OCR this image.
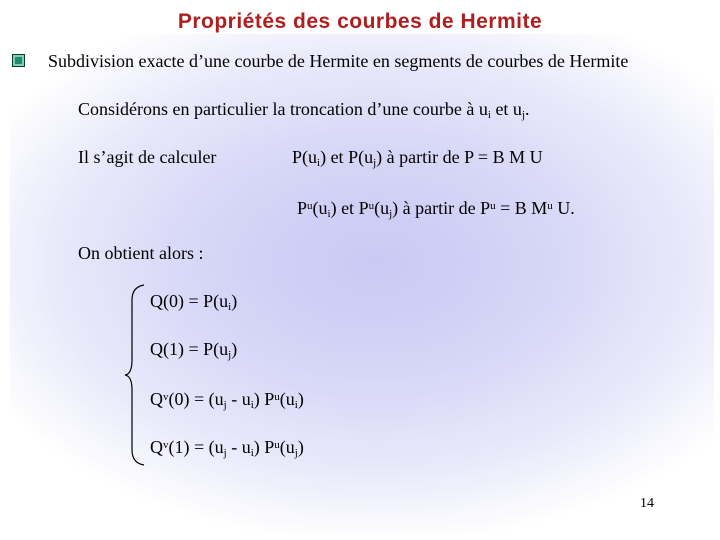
Propriétés des courbes de Hermite
Subdivision exacte d’une courbe de Hermite en segments de courbes de Hermite
Considérons en particulier la troncation d’une courbe à $u_i$ et $u_j$.
Il s’agit de calculer	$P(u_i)$ et $P(u_j)$ à partir de P = B M U
$P^u(u_i)$ et $P^u(u_j)$ à partir de $P^u = B$ $M^u$ U.
On obtient alors :
$Q(0) = P(u_i)$
$Q(1) = P(u_j)$
$Q^v(0) = (u_j - u_i)$ $P^u(u_i)$
$Q^v(1) = (u_j - u_i)$ $P^u(u_j)$
14
